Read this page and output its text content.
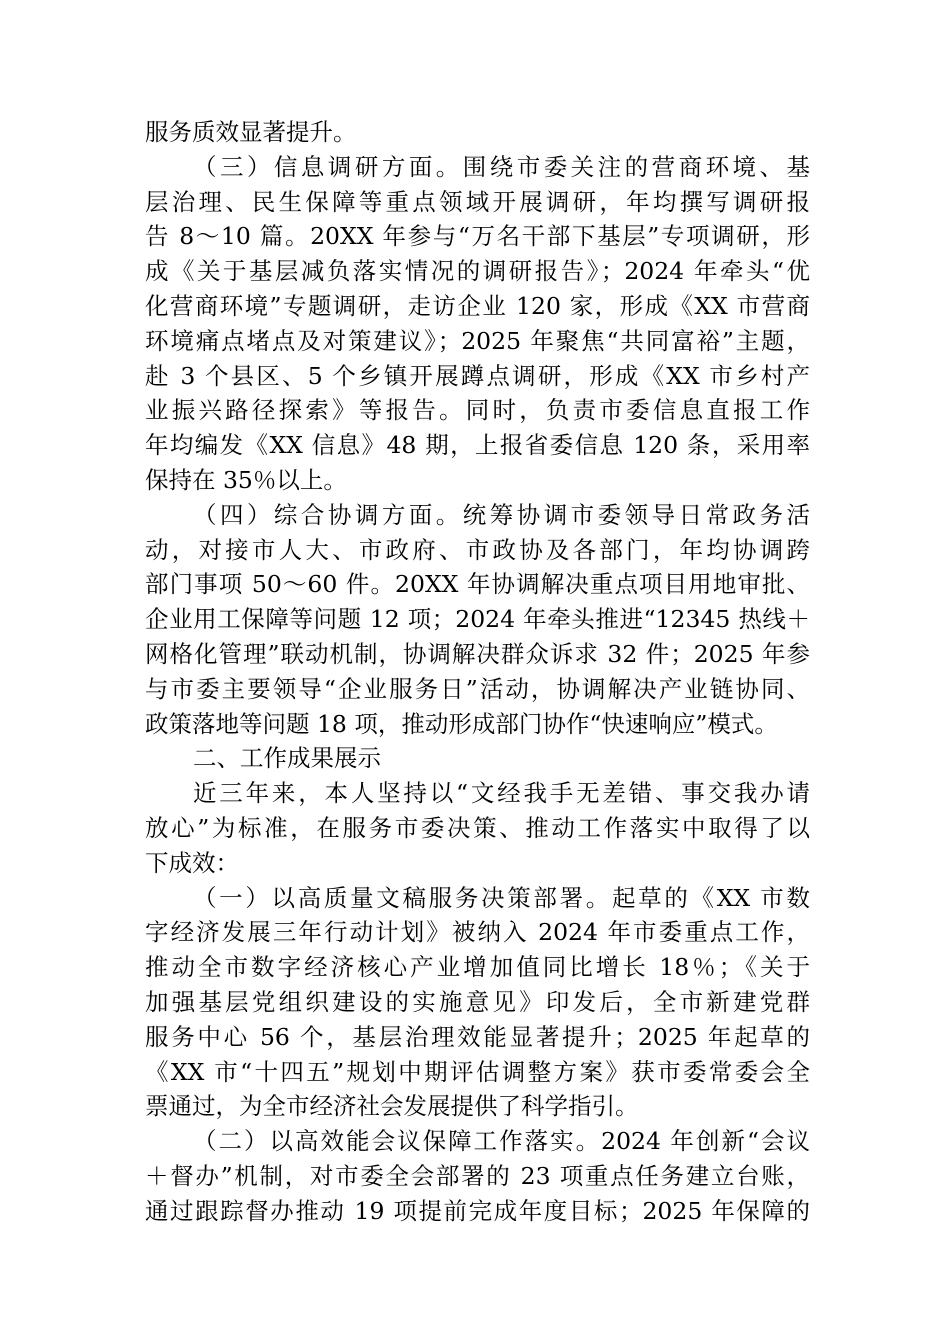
服务质效显著提升。
（三）信息调研方面。围绕市委关注的营商环境、基
层治理、民生保障等重点领域开展调研，年均撰写调研报
告 8～10 篇。20XX 年参与“万名干部下基层”专项调研，形
成《关于基层减负落实情况的调研报告》；2024 年牵头“优
化营商环境”专题调研，走访企业 120 家，形成《XX 市营商
环境痛点堵点及对策建议》；2025 年聚焦“共同富裕”主题，
赴 3 个县区、5 个乡镇开展蹲点调研，形成《XX 市乡村产
业振兴路径探索》等报告。同时，负责市委信息直报工作
年均编发《XX 信息》48 期，上报省委信息 120 条，采用率
保持在 35％以上。
（四）综合协调方面。统筹协调市委领导日常政务活
动，对接市人大、市政府、市政协及各部门，年均协调跨
部门事项 50～60 件。20XX 年协调解决重点项目用地审批、
企业用工保障等问题 12 项；2024 年牵头推进“12345 热线＋
网格化管理”联动机制，协调解决群众诉求 32 件；2025 年参
与市委主要领导“企业服务日”活动，协调解决产业链协同、
政策落地等问题 18 项，推动形成部门协作“快速响应”模式。
二、工作成果展示
近三年来，本人坚持以“文经我手无差错、事交我办请
放心”为标准，在服务市委决策、推动工作落实中取得了以
下成效：
（一）以高质量文稿服务决策部署。起草的《XX 市数
字经济发展三年行动计划》被纳入 2024 年市委重点工作，
推动全市数字经济核心产业增加值同比增长 18％；《关于
加强基层党组织建设的实施意见》印发后，全市新建党群
服务中心 56 个，基层治理效能显著提升；2025 年起草的
《XX 市“十四五”规划中期评估调整方案》获市委常委会全
票通过，为全市经济社会发展提供了科学指引。
（二）以高效能会议保障工作落实。2024 年创新“会议
＋督办”机制，对市委全会部署的 23 项重点任务建立台账，
通过跟踪督办推动 19 项提前完成年度目标；2025 年保障的
